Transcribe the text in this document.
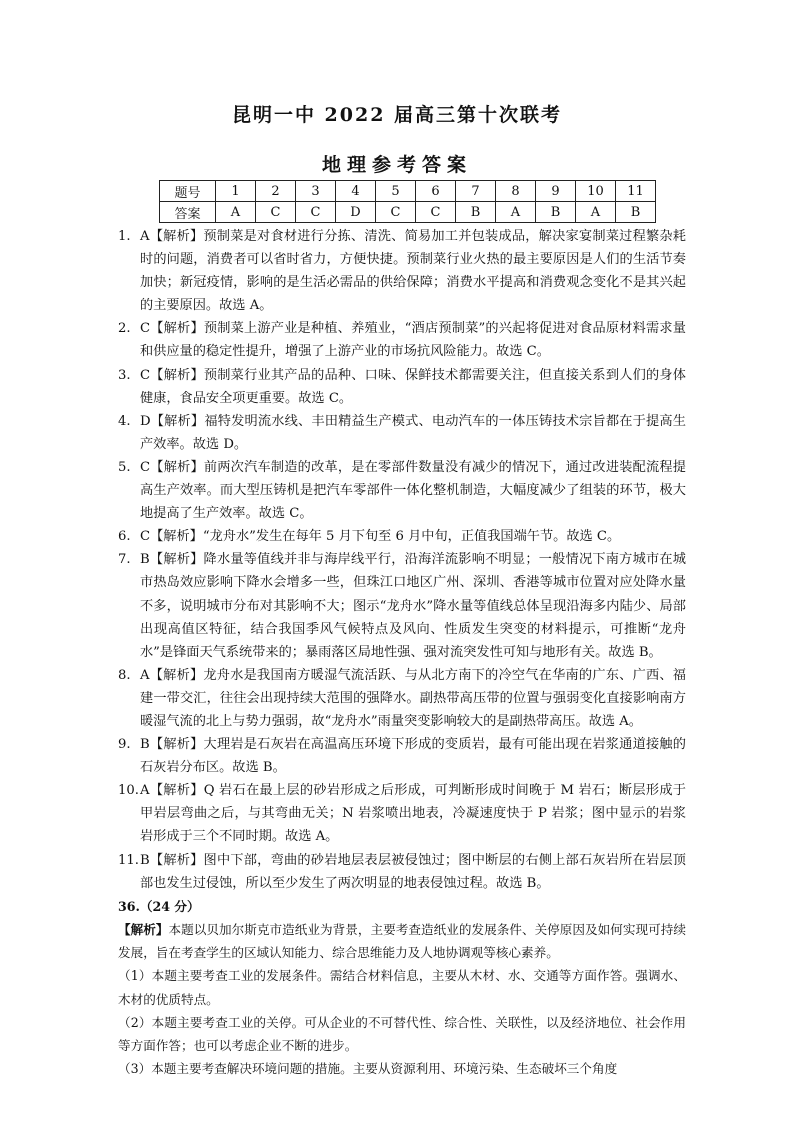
昆明一中 2022 届高三第十次联考
地理参考答案
题号	1	2	3	4	5	6	7	8	9	10	11
答案	A	C	C	D	C	C	B	A	B	A	B

1. A【解析】预制菜是对食材进行分拣、清洗、简易加工并包装成品，解决家宴制菜过程繁杂耗时的问题，消费者可以省时省力，方便快捷。预制菜行业火热的最主要原因是人们的生活节奏加快；新冠疫情，影响的是生活必需品的供给保障；消费水平提高和消费观念变化不是其兴起的主要原因。故选 A。

2. C【解析】预制菜上游产业是种植、养殖业，“酒店预制菜”的兴起将促进对食品原材料需求量和供应量的稳定性提升，增强了上游产业的市场抗风险能力。故选 C。

3. C【解析】预制菜行业其产品的品种、口味、保鲜技术都需要关注，但直接关系到人们的身体健康，食品安全项更重要。故选 C。

4. D【解析】福特发明流水线、丰田精益生产模式、电动汽车的一体压铸技术宗旨都在于提高生产效率。故选 D。

5. C【解析】前两次汽车制造的改革，是在零部件数量没有减少的情况下，通过改进装配流程提高生产效率。而大型压铸机是把汽车零部件一体化整机制造，大幅度减少了组装的环节，极大地提高了生产效率。故选 C。

6. C【解析】“龙舟水”发生在每年 5 月下旬至 6 月中旬，正值我国端午节。故选 C。

7. B【解析】降水量等值线并非与海岸线平行，沿海洋流影响不明显；一般情况下南方城市在城市热岛效应影响下降水会增多一些，但珠江口地区广州、深圳、香港等城市位置对应处降水量不多，说明城市分布对其影响不大；图示“龙舟水”降水量等值线总体呈现沿海多内陆少、局部出现高值区特征，结合我国季风气候特点及风向、性质发生突变的材料提示，可推断“龙舟水”是锋面天气系统带来的；暴雨落区局地性强、强对流突发性可知与地形有关。故选 B。

8. A【解析】龙舟水是我国南方暖湿气流活跃、与从北方南下的冷空气在华南的广东、广西、福建一带交汇，往往会出现持续大范围的强降水。副热带高压带的位置与强弱变化直接影响南方暖湿气流的北上与势力强弱，故“龙舟水”雨量突变影响较大的是副热带高压。故选 A。

9. B【解析】大理岩是石灰岩在高温高压环境下形成的变质岩，最有可能出现在岩浆通道接触的石灰岩分布区。故选 B。

10. A【解析】Q 岩石在最上层的砂岩形成之后形成，可判断形成时间晚于 M 岩石；断层形成于甲岩层弯曲之后，与其弯曲无关；N 岩浆喷出地表，冷凝速度快于 P 岩浆；图中显示的岩浆岩形成于三个不同时期。故选 A。

11. B【解析】图中下部，弯曲的砂岩地层表层被侵蚀过；图中断层的右侧上部石灰岩所在岩层顶部也发生过侵蚀，所以至少发生了两次明显的地表侵蚀过程。故选 B。

36.（24 分）

【解析】本题以贝加尔斯克市造纸业为背景，主要考查造纸业的发展条件、关停原因及如何实现可持续发展，旨在考查学生的区域认知能力、综合思维能力及人地协调观等核心素养。

（1）本题主要考查工业的发展条件。需结合材料信息，主要从木材、水、交通等方面作答。强调水、木材的优质特点。

（2）本题主要考查工业的关停。可从企业的不可替代性、综合性、关联性，以及经济地位、社会作用等方面作答；也可以考虑企业不断的进步。

（3）本题主要考查解决环境问题的措施。主要从资源利用、环境污染、生态破坏三个角度
